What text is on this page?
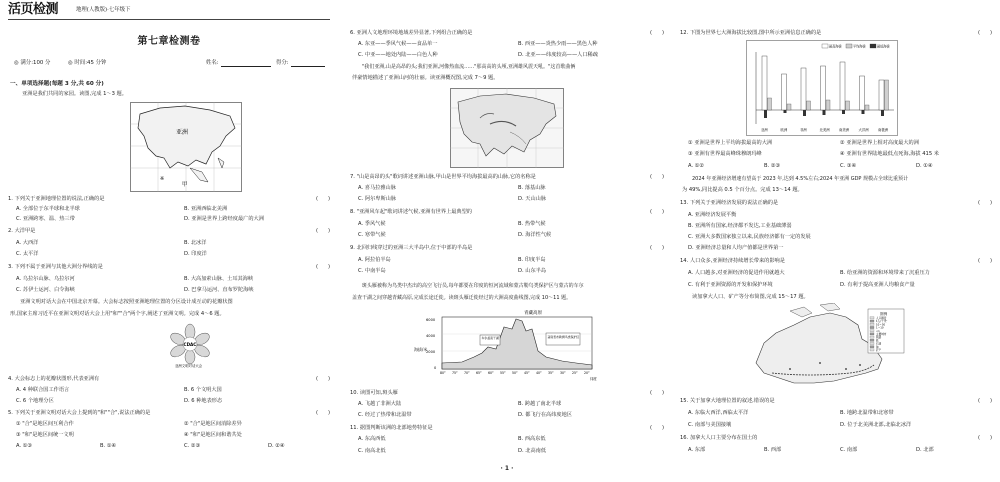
活页检测	地理(人教版)·七年级下
第七章检测卷
◎ 满分:100 分	◎ 时间:45 分钟	姓名:	得分:
一、单项选择题(每题 3 分,共 60 分)
亚洲是我们共同的家园。读图,完成 1～3 题。
亚洲
甲
※
1. 下列关于亚洲地理位置的说法,正确的是	(      )
A. 全部位于东半球和北半球	B. 亚洲西临北美洲
C. 亚洲跨寒、温、热三带	D. 亚洲是世界上跨经度最广的大洲
2. 大洋甲是	(      )
A. 大西洋	B. 北冰洋
C. 太平洋	D. 印度洋
3. 下列不属于亚洲与其他大洲分界线的是	(      )
A. 乌拉尔山脉、乌拉尔河	B. 大高加索山脉、土耳其海峡
C. 苏伊士运河、白令海峡	D. 巴拿马运河、直布罗陀海峡
亚洲文明对话大会在中国北京开幕。大会标志按照亚洲地理位置的分区设计成互动的花瓣状图
形,国家主席习近平在亚洲文明对话大会上用"和""合"两个字,阐述了亚洲文明。完成 4～6 题。
CDAC
亚洲文明对话大会
4. 大会标志上的花瓣状图形,代表亚洲有	(      )
A. 4 种联合国工作语言	B. 6 个文明大国
C. 6 个地理分区	D. 6 种地表形态
5. 下列关于亚洲文明对话大会上提到的"和""合",说法正确的是	(      )
① "合"是地区间互利合作	② "合"是地区间消除差异
③ "和"是地区间统一文明	④ "和"是地区间和谐共处
A. ①③	B. ①④	C. ②③	D. ②④
6. 亚洲人文地理环境地域差异显著,下列组合正确的是	(      )
A. 东亚——季风气候——食品单一	B. 西亚——炎热少雨——黑色人种
C. 中亚——地处内陆——白色人种	D. 北亚——纬度较高——人口稀疏
"我们亚洲,山是高昂的头;我们亚洲,河像热血流……"那高高的头颅,亚洲雄风震天吼。"这首歌曲俩
伴豪情地描述了亚洲山河的壮丽。读亚洲概况图,完成 7～9 题。
7. "山是高昂的头"歌词讲述亚洲山脉,甲山是世界平均海拔最高的山脉,它的名称是	(      )
A. 喜马拉雅山脉	B. 落基山脉
C. 阿尔卑斯山脉	D. 天山山脉
8. "亚洲风车起"歌词讲述气候,亚洲有世界上最典型的	(      )
A. 季风气候	B. 热带气候
C. 寒带气候	D. 海洋性气候
9. 北回归线穿过的亚洲三大半岛中,位于中部的半岛是	(      )
A. 阿拉伯半岛	B. 印度半岛
C. 中南半岛	D. 山东半岛
斑头雁被称为鸟类中杰出的高空飞行员,每年都要在印度的恒河流域和蒙古勒鸟类保护区与蒙古的车尔
盖查干湖之间穿越青藏高原,完成长途迁徙。读斑头雁迁徙经过的大洲高度曲线图,完成 10～11 题。
青藏高原
海拔/米
6000
4000
2000
0
车尔盖查干湖	斋南普布勒姆鸟类保护区
80° 75° 70° 65° 60° 55° 50° 45° 40° 35° 30° 25° 20°
纬度
10. 读图可知,斑头雁	(      )
A. 飞越了非洲大陆	B. 跨越了南北半球
C. 经过了热带和北温带	D. 都飞行在高纬度地区
11. 据图判断该洲的北部地势特征是	(      )
A. 东高西低	B. 西高东低
C. 南高北低	D. 北高南低
· 1 ·
12. 下图为世界七大洲海拔比较图,图中所示亚洲信息正确的是	(      )
最高海拔	平均海拔	最低海拔
亚洲	欧洲	非洲	北美洲	南美洲	大洋洲	南极洲
① 亚洲是世界上平均海拔最高的大洲	② 亚洲是世界上相对高度最大的洲
③ 亚洲有世界最高峰珠穆朗玛峰	④ 亚洲有世界陆地最低点死海,海拔 415 米
A. ①②	B. ②③	C. ③④	D. ①④
2024 年亚洲经济增速有望高于 2023 年,达到 4.5%左右;2024 年亚洲 GDP 规模占全球比重预计
为 49%,同比提高 0.5 个百分点。完成 13～14 题。
13. 下列关于亚洲经济发展的说法正确的是	(      )
A. 亚洲经济发展平衡
B. 亚洲所有国家,经济都不发达,工业基础薄弱
C. 亚洲大多数国家独立以来,民族经济都有一定的发展
D. 亚洲经济总量和人均产值都是世界第一
14. 人口众多,亚洲经济持续增长带来的影响是	(      )
A. 人口越多,对亚洲经济的促进作用就越大	B. 给亚洲的资源和环境带来了沉重压力
C. 有利于亚洲资源的开发和保护环境	D. 有利于提高亚洲人均粮食产量
读加拿大人口、矿产等分布简图,完成 15～17 题。
图例
人口稠密
1人/千米²
10～50
1～10
<1
主要城市
铁路
铁
石油
铀
矿产
15. 关于加拿大地理位置的叙述,错误的是	(      )
A. 东临大西洋,西临太平洋	B. 地跨北温带和北寒带
C. 南部与美国接壤	D. 位于北美洲北部,北临北冰洋
16. 加拿大人口主要分布在国土的	(      )
A. 东部	B. 西部	C. 南部	D. 北部
